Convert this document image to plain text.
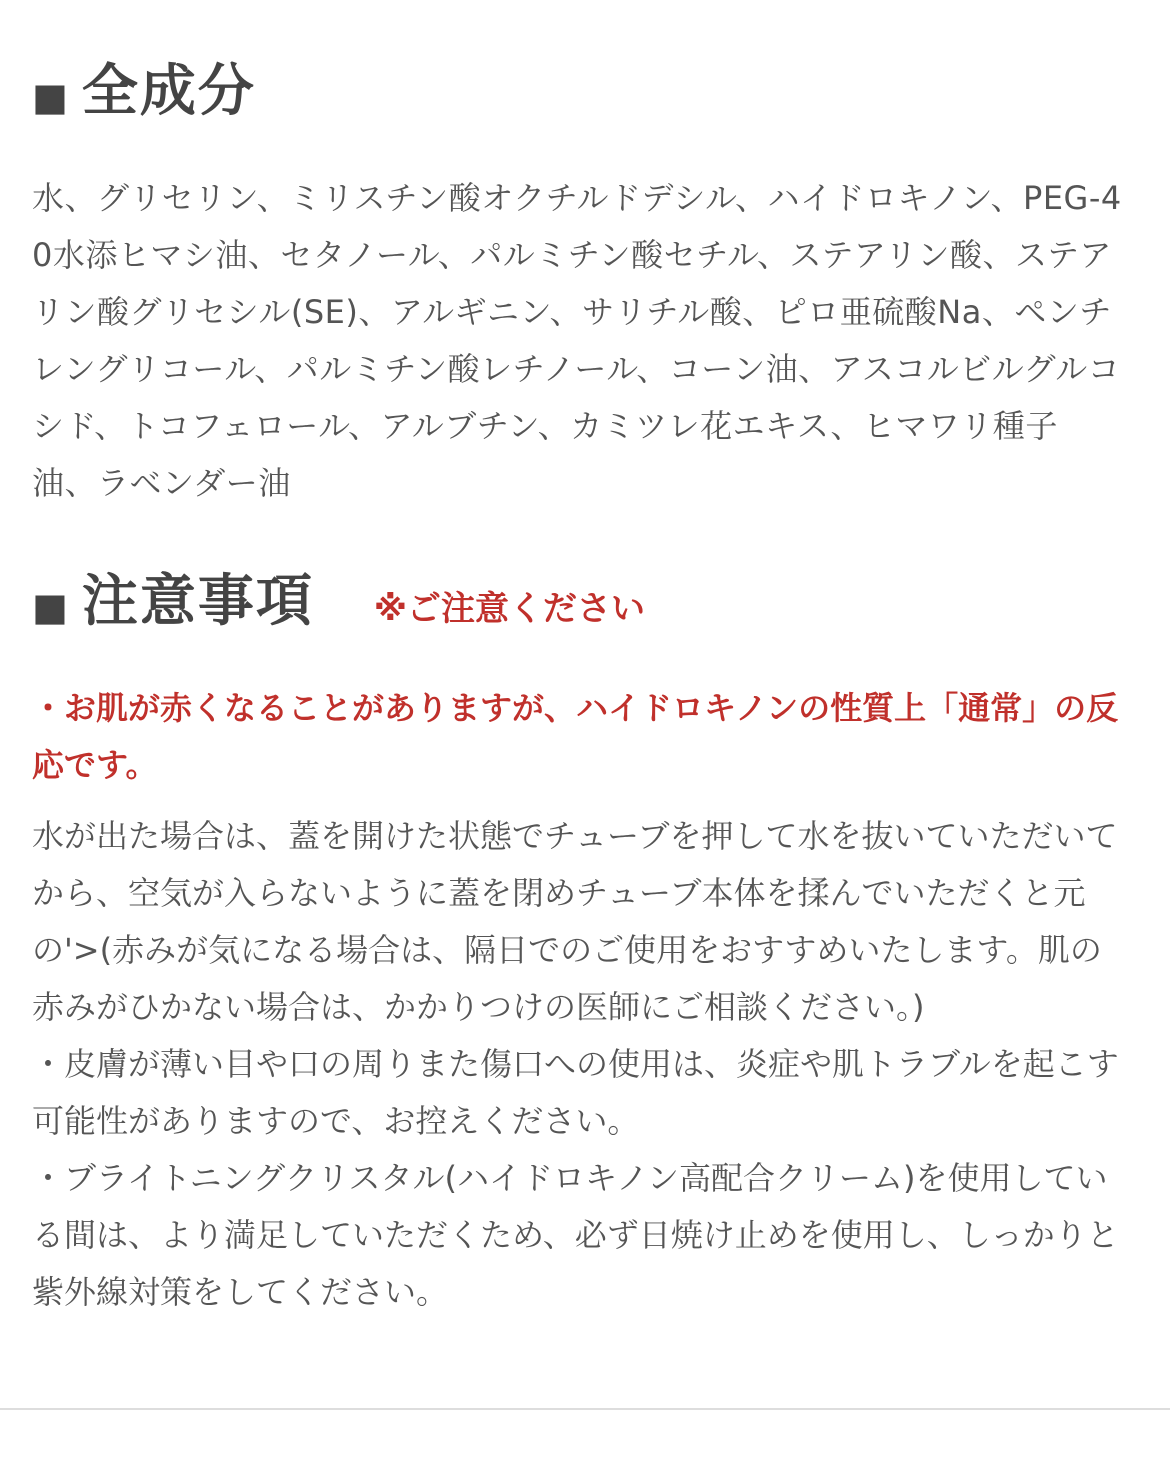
■ 全成分
水、グリセリン、ミリスチン酸オクチルドデシル、ハイドロキノン、PEG-40水添ヒマシ油、セタノール、パルミチン酸セチル、ステアリン酸、ステアリン酸グリセシル(SE)、アルギニン、サリチル酸、ピロ亜硫酸Na、ペンチレングリコール、パルミチン酸レチノール、コーン油、アスコルビルグルコシド、トコフェロール、アルブチン、カミツレ花エキス、ヒマワリ種子油、ラベンダー油
■ 注意事項 ※ご注意ください
・お肌が赤くなることがありますが、ハイドロキノンの性質上「通常」の反応です。

水が出た場合は、蓋を開けた状態でチューブを押して水を抜いていただいてから、空気が入らないように蓋を閉めチューブ本体を揉んでいただくと元の'>(赤みが気になる場合は、隔日でのご使用をおすすめいたします。肌の赤みがひかない場合は、かかりつけの医師にご相談ください。)

・皮膚が薄い目や口の周りまた傷口への使用は、炎症や肌トラブルを起こす可能性がありますので、お控えください。

・ブライトニングクリスタル(ハイドロキノン高配合クリーム)を使用している間は、より満足していただくため、必ず日焼け止めを使用し、しっかりと紫外線対策をしてください。
